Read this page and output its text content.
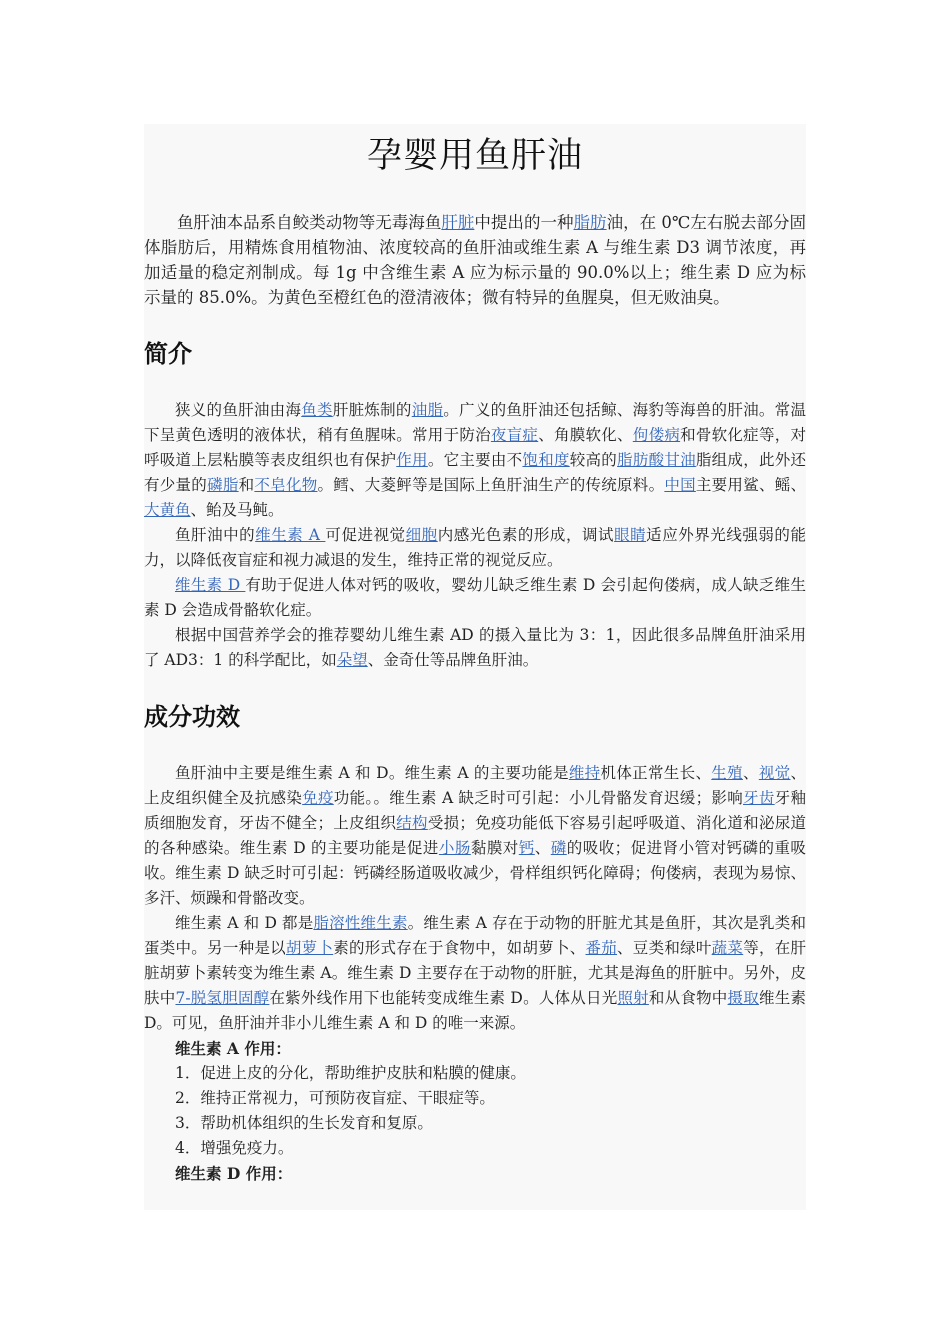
孕婴用鱼肝油

鱼肝油本品系自鲛类动物等无毒海鱼肝脏中提出的一种脂肪油，在 0℃左右脱去部分固体脂肪后，用精炼食用植物油、浓度较高的鱼肝油或维生素 A 与维生素 D3 调节浓度，再加适量的稳定剂制成。每 1g 中含维生素 A 应为标示量的 90.0%以上；维生素 D 应为标示量的 85.0%。为黄色至橙红色的澄清液体；微有特异的鱼腥臭，但无败油臭。

简介

狭义的鱼肝油由海鱼类肝脏炼制的油脂。广义的鱼肝油还包括鲸、海豹等海兽的肝油。常温下呈黄色透明的液体状，稍有鱼腥味。常用于防治夜盲症、角膜软化、佝偻病和骨软化症等，对呼吸道上层粘膜等表皮组织也有保护作用。它主要由不饱和度较高的脂肪酸甘油脂组成，此外还有少量的磷脂和不皂化物。鳕、大菱鲆等是国际上鱼肝油生产的传统原料。中国主要用鲨、鳐、大黄鱼、鲐及马鲀。

鱼肝油中的维生素 A 可促进视觉细胞内感光色素的形成，调试眼睛适应外界光线强弱的能力，以降低夜盲症和视力减退的发生，维持正常的视觉反应。

维生素 D 有助于促进人体对钙的吸收，婴幼儿缺乏维生素 D 会引起佝偻病，成人缺乏维生素 D 会造成骨骼软化症。

根据中国营养学会的推荐婴幼儿维生素 AD 的摄入量比为 3：1，因此很多品牌鱼肝油采用了 AD3：1 的科学配比，如朵望、金奇仕等品牌鱼肝油。

成分功效

鱼肝油中主要是维生素 A 和 D。维生素 A 的主要功能是维持机体正常生长、生殖、视觉、上皮组织健全及抗感染免疫功能。。维生素 A 缺乏时可引起：小儿骨骼发育迟缓；影响牙齿牙釉质细胞发育，牙齿不健全；上皮组织结构受损；免疫功能低下容易引起呼吸道、消化道和泌尿道的各种感染。维生素 D 的主要功能是促进小肠黏膜对钙、磷的吸收；促进肾小管对钙磷的重吸收。维生素 D 缺乏时可引起：钙磷经肠道吸收减少，骨样组织钙化障碍；佝偻病，表现为易惊、多汗、烦躁和骨骼改变。

维生素 A 和 D 都是脂溶性维生素。维生素 A 存在于动物的肝脏尤其是鱼肝，其次是乳类和蛋类中。另一种是以胡萝卜素的形式存在于食物中，如胡萝卜、番茄、豆类和绿叶蔬菜等，在肝脏胡萝卜素转变为维生素 A。维生素 D 主要存在于动物的肝脏，尤其是海鱼的肝脏中。另外，皮肤中7-脱氢胆固醇在紫外线作用下也能转变成维生素 D。人体从日光照射和从食物中摄取维生素 D。可见，鱼肝油并非小儿维生素 A 和 D 的唯一来源。

维生素 A 作用：

1．促进上皮的分化，帮助维护皮肤和粘膜的健康。

2．维持正常视力，可预防夜盲症、干眼症等。

3．帮助机体组织的生长发育和复原。

4．增强免疫力。

维生素 D 作用：
